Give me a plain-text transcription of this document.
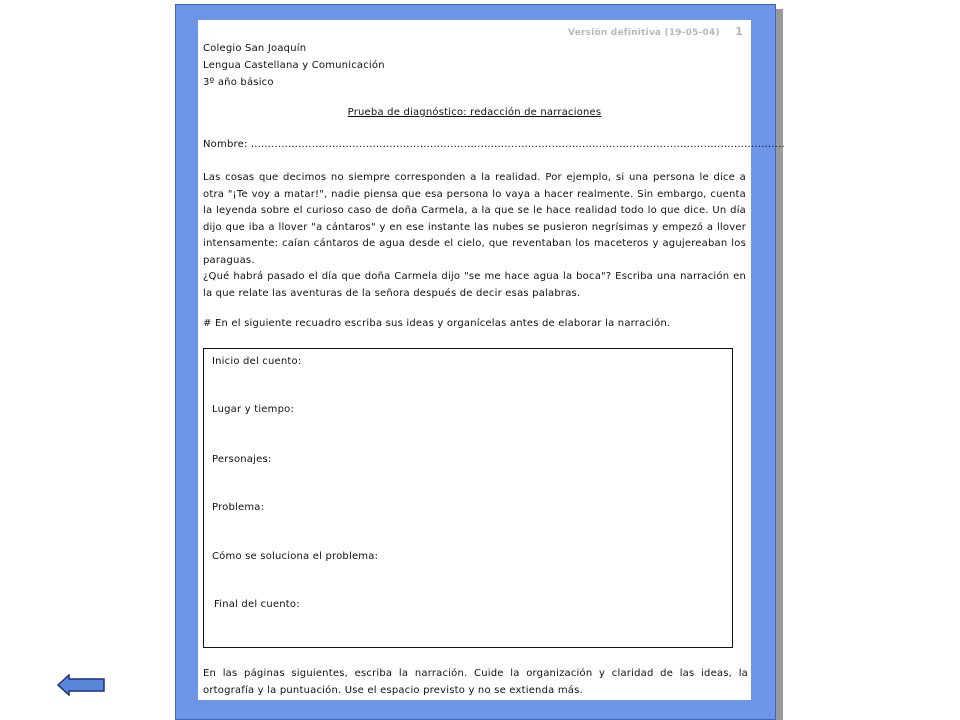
Versión definitiva (19-05-04) 1
Colegio San Joaquín
Lengua Castellana y Comunicación
3º año básico
Prueba de diagnóstico: redacción de narraciones
Nombre: ..............................................................................................................................................................

Las cosas que decimos no siempre corresponden a la realidad. Por ejemplo, si una persona le dice a otra "¡Te voy a matar!", nadie piensa que esa persona lo vaya a hacer realmente. Sin embargo, cuenta la leyenda sobre el curioso caso de doña Carmela, a la que se le hace realidad todo lo que dice. Un día dijo que iba a llover "a cántaros" y en ese instante las nubes se pusieron negrísimas y empezó a llover intensamente: caían cántaros de agua desde el cielo, que reventaban los maceteros y agujereaban los paraguas.

¿Qué habrá pasado el día que doña Carmela dijo "se me hace agua la boca"? Escriba una narración en la que relate las aventuras de la señora después de decir esas palabras.

# En el siguiente recuadro escriba sus ideas y organícelas antes de elaborar la narración.
Inicio del cuento:
Lugar y tiempo:
Personajes:
Problema:
Cómo se soluciona el problema:
Final del cuento:
En las páginas siguientes, escriba la narración. Cuide la organización y claridad de las ideas, la ortografía y la puntuación. Use el espacio previsto y no se extienda más.
